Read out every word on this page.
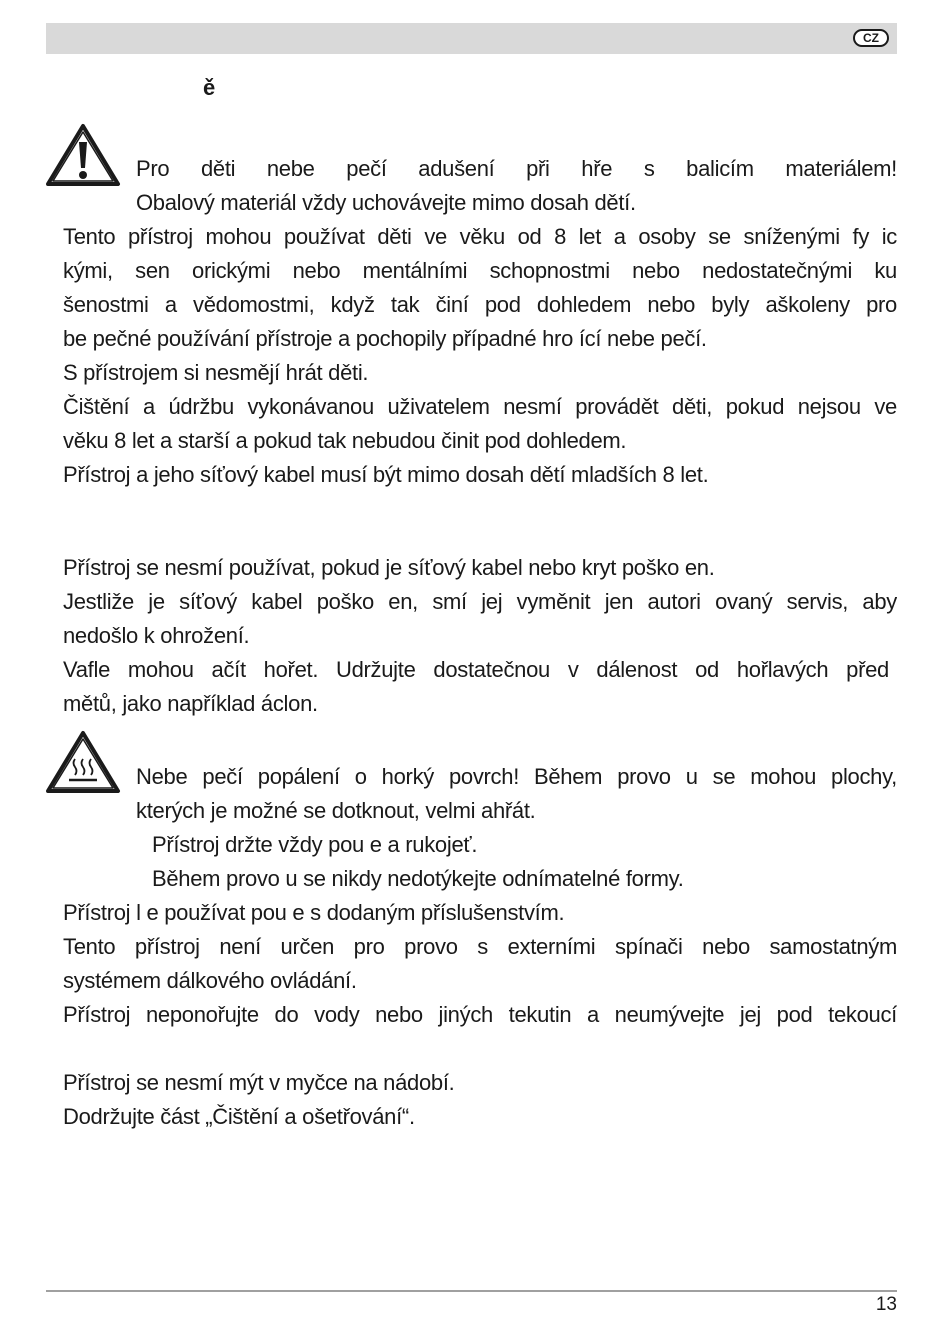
CZ
ě
Pro děti nebe pečí adušení při hře s balicím materiálem!
Obalový materiál vždy uchovávejte mimo dosah dětí.
Tento přístroj mohou používat děti ve věku od 8 let a osoby se sníženými fy ic
kými, sen orickými nebo mentálními schopnostmi nebo nedostatečnými ku
šenostmi a vědomostmi, když tak činí pod dohledem nebo byly aškoleny pro
be pečné používání přístroje a pochopily případné hro ící nebe pečí.
S přístrojem si nesmějí hrát děti.
Čištění a údržbu vykonávanou uživatelem nesmí provádět děti, pokud nejsou ve
věku 8 let a starší a pokud tak nebudou činit pod dohledem.
Přístroj a jeho síťový kabel musí být mimo dosah dětí mladších 8 let.
Přístroj se nesmí používat, pokud je síťový kabel nebo kryt poško en.
Jestliže je síťový kabel poško en, smí jej vyměnit jen autori ovaný servis, aby
nedošlo k ohrožení.
Vafle mohou ačít hořet. Udržujte dostatečnou v dálenost od hořlavých před
mětů, jako například áclon.
Nebe pečí popálení o horký povrch! Během provo u se mohou plochy,
kterých je možné se dotknout, velmi ahřát.
Přístroj držte vždy pou e a rukojeť.
Během provo u se nikdy nedotýkejte odnímatelné formy.
Přístroj l e používat pou e s dodaným příslušenstvím.
Tento přístroj není určen pro provo s externími spínači nebo samostatným
systémem dálkového ovládání.
Přístroj neponořujte do vody nebo jiných tekutin a neumývejte jej pod tekoucí
Přístroj se nesmí mýt v myčce na nádobí.
Dodržujte část „Čištění a ošetřování“.
13
